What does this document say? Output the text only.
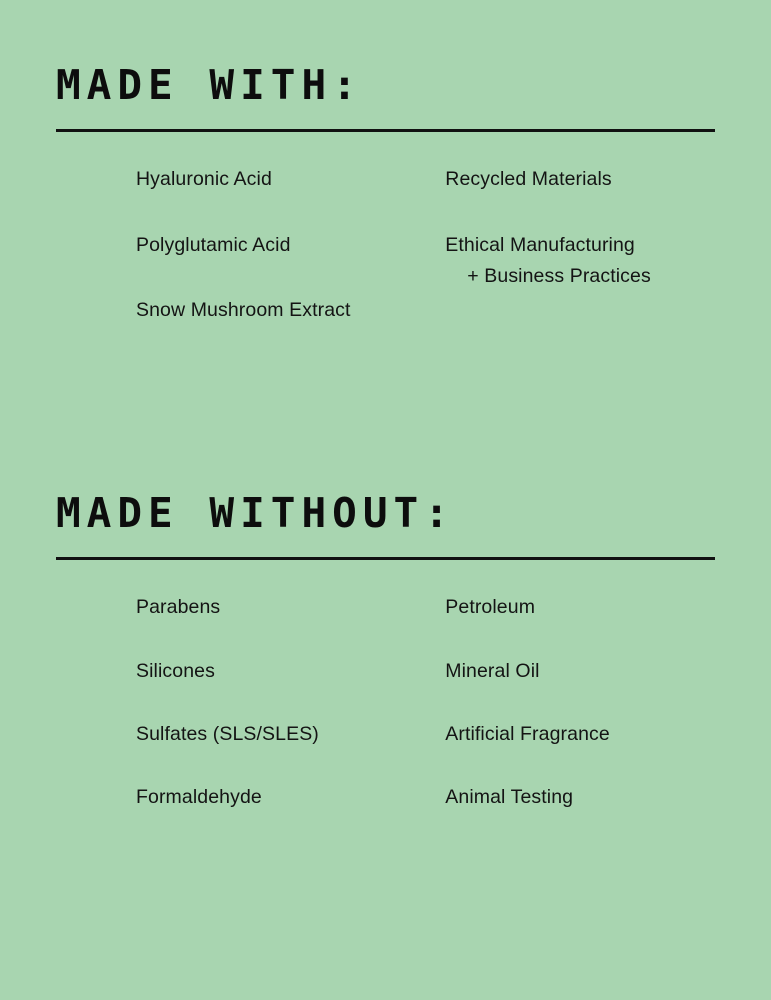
MADE WITH:
Hyaluronic Acid
Polyglutamic Acid
Snow Mushroom Extract
Recycled Materials
Ethical Manufacturing
+ Business Practices
MADE WITHOUT:
Parabens
Silicones
Sulfates (SLS/SLES)
Formaldehyde
Petroleum
Mineral Oil
Artificial Fragrance
Animal Testing
